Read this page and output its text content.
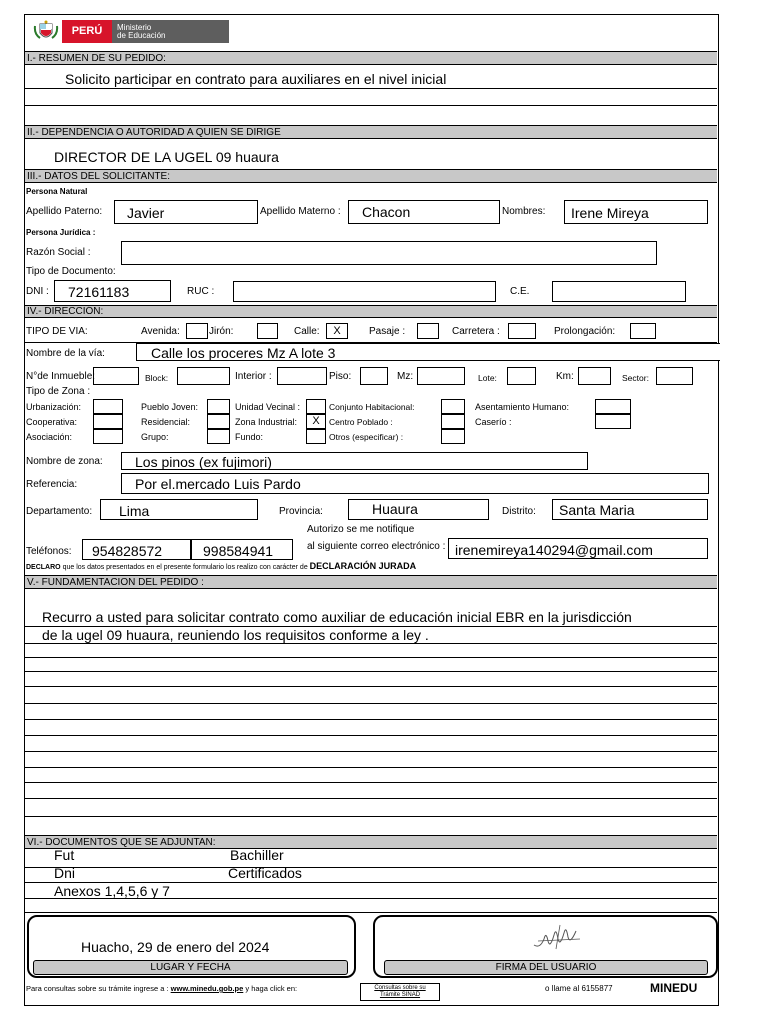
PERÚ	Ministerio
de Educación
I.- RESUMEN DE SU PEDIDO:
Solicito participar en contrato para auxiliares en el nivel inicial
II.- DEPENDENCIA O AUTORIDAD A QUIEN SE DIRIGE
DIRECTOR DE LA UGEL 09 huaura
III.- DATOS DEL SOLICITANTE:
Persona Natural
Apellido Paterno:	Javier	Apellido Materno :	Chacon	Nombres:	Irene Mireya
Persona Jurídica :
Razón Social :
Tipo de Documento:
DNI :	72161183	RUC :	C.E.
IV.- DIRECCIÓN:
TIPO DE VIA:	Avenida:	Jirón:	Calle:	X	Pasaje :	Carretera :	Prolongación:
Nombre de la vía:	Calle los proceres Mz A lote 3
N°de Inmueble:	Block:	Interior :	Piso:	Mz:	Lote:	Km:	Sector:
Tipo de Zona :
Urbanización:	Pueblo Joven:	Unidad Vecinal :	Conjunto Habitacional:	Asentamiento Humano:
Cooperativa:	Residencial:	Zona Industrial:	X	Centro Poblado :	Caserío :
Asociación:	Grupo:	Fundo:	Otros (especificar) :
Nombre de zona:	Los pinos (ex fujimori)
Referencia:	Por el.mercado Luis Pardo
Departamento:	Lima	Provincia:	Huaura	Distrito:	Santa Maria
Autorizo se me notifique
al siguiente correo electrónico :
Teléfonos:	954828572	998584941	irenemireya140294@gmail.com
DECLARO que los datos presentados en el presente formulario los realizo con carácter de DECLARACIÓN JURADA
V.- FUNDAMENTACION DEL PEDIDO :
Recurro a usted para solicitar contrato como auxiliar de educación inicial EBR en la jurisdicción
de la ugel 09 huaura, reuniendo los requisitos conforme a ley .
VI.- DOCUMENTOS QUE SE ADJUNTAN:
Fut	Bachiller
Dni	Certificados
Anexos 1,4,5,6 y 7
Huacho, 29 de enero del 2024
LUGAR Y FECHA	FIRMA DEL USUARIO
Para consultas sobre su trámite ingrese a : www.minedu.gob.pe y haga click en:	Consultas sobre su
Trámite SINAD
o llame al 6155877	MINEDU
